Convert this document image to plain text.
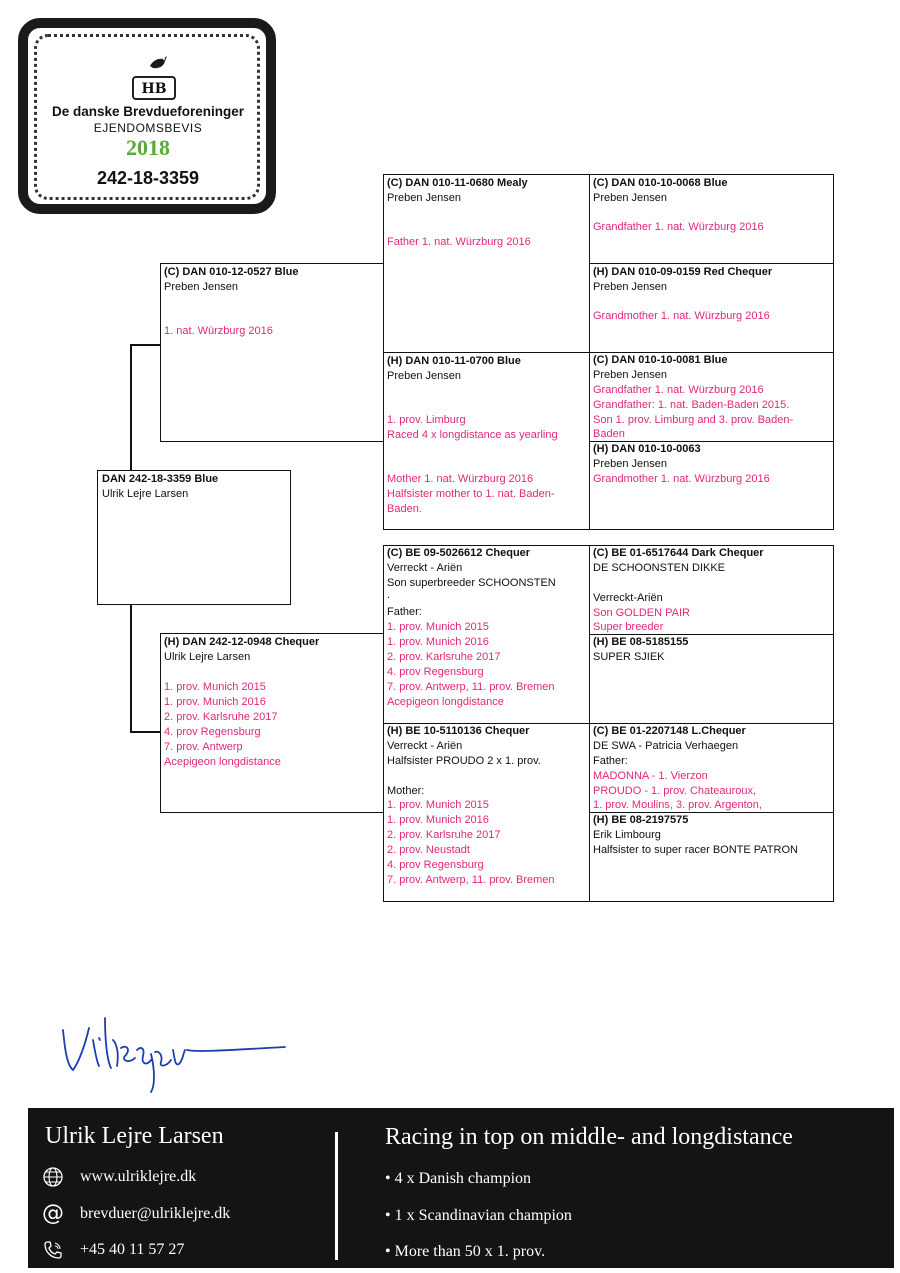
HB
De danske Brevdueforeninger
EJENDOMSBEVIS
2018
242-18-3359
DAN 242-18-3359 Blue
Ulrik Lejre Larsen
(C) DAN 010-12-0527 Blue
Preben Jensen
1. nat. Würzburg 2016
(H) DAN 242-12-0948 Chequer
Ulrik Lejre Larsen
1. prov. Munich 2015
1. prov. Munich 2016
2. prov. Karlsruhe 2017
4. prov Regensburg
7. prov. Antwerp
Acepigeon longdistance
(C) DAN 010-11-0680 Mealy
Preben Jensen
Father 1. nat. Würzburg 2016
(H) DAN 010-11-0700 Blue
Preben Jensen
1. prov. Limburg
Raced 4 x longdistance as yearling
Mother 1. nat. Würzburg 2016
Halfsister mother to 1. nat. Baden-
Baden.
(C) BE 09-5026612 Chequer
Verreckt - Ariën
Son superbreeder SCHOONSTEN
.
Father:
1. prov. Munich 2015
1. prov. Munich 2016
2. prov. Karlsruhe 2017
4. prov Regensburg
7. prov. Antwerp, 11. prov. Bremen
Acepigeon longdistance
(H) BE 10-5110136 Chequer
Verreckt - Ariën
Halfsister PROUDO 2 x 1. prov.
Mother:
1. prov. Munich 2015
1. prov. Munich 2016
2. prov. Karlsruhe 2017
2. prov. Neustadt
4. prov Regensburg
7. prov. Antwerp, 11. prov. Bremen
(C) DAN 010-10-0068 Blue
Preben Jensen
Grandfather 1. nat. Würzburg 2016
(H) DAN 010-09-0159 Red Chequer
Preben Jensen
Grandmother 1. nat. Würzburg 2016
(C) DAN 010-10-0081 Blue
Preben Jensen
Grandfather 1. nat. Würzburg 2016
Grandfather: 1. nat. Baden-Baden 2015.
Son 1. prov. Limburg and 3. prov. Baden-
Baden
(H) DAN 010-10-0063
Preben Jensen
Grandmother 1. nat. Würzburg 2016
(C) BE 01-6517644 Dark Chequer
DE SCHOONSTEN DIKKE
Verreckt-Ariën
Son GOLDEN PAIR
Super breeder
(H) BE 08-5185155
SUPER SJIEK
(C) BE 01-2207148 L.Chequer
DE SWA - Patricia Verhaegen
Father:
MADONNA - 1. Vierzon
PROUDO - 1. prov. Chateauroux,
1. prov. Moulins, 3. prov. Argenton,
(H) BE 08-2197575
Erik Limbourg
Halfsister to super racer BONTE PATRON
Ulrik Lejre Larsen
www.ulriklejre.dk
@ brevduer@ulriklejre.dk
+45 40 11 57 27
Racing in top on middle- and longdistance
• 4 x Danish champion
• 1 x Scandinavian champion
• More than 50 x 1. prov.
